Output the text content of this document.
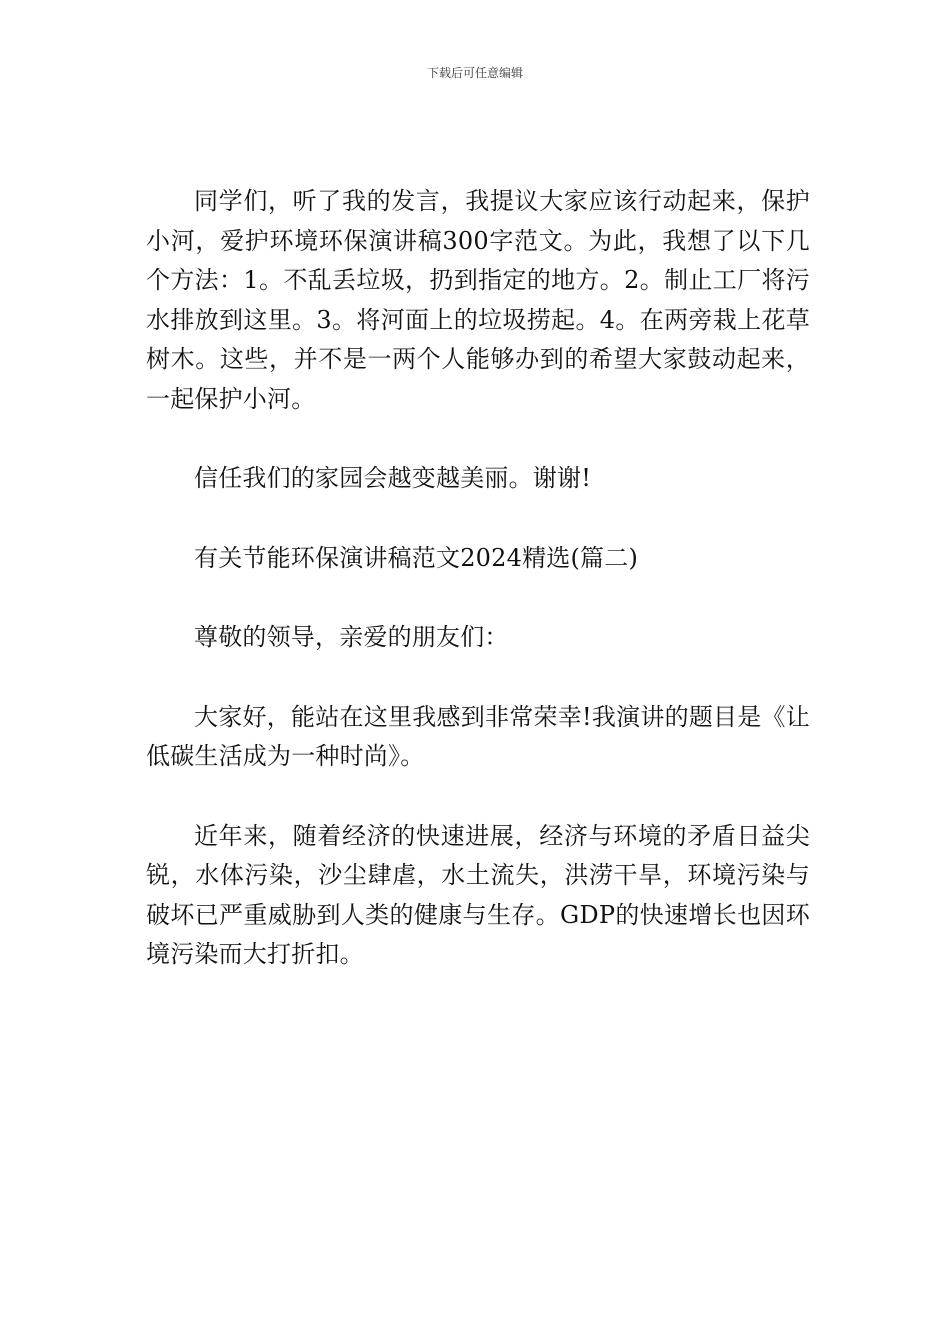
下载后可任意编辑

同学们，听了我的发言，我提议大家应该行动起来，保护小河，爱护环境环保演讲稿300字范文。为此，我想了以下几个方法：1。不乱丢垃圾，扔到指定的地方。2。制止工厂将污水排放到这里。3。将河面上的垃圾捞起。4。在两旁栽上花草树木。这些，并不是一两个人能够办到的希望大家鼓动起来，一起保护小河。

信任我们的家园会越变越美丽。谢谢!

有关节能环保演讲稿范文2024精选(篇二)

尊敬的领导，亲爱的朋友们：

大家好，能站在这里我感到非常荣幸!我演讲的题目是《让低碳生活成为一种时尚》。

近年来，随着经济的快速进展，经济与环境的矛盾日益尖锐，水体污染，沙尘肆虐，水土流失，洪涝干旱，环境污染与破坏已严重威胁到人类的健康与生存。GDP的快速增长也因环境污染而大打折扣。
